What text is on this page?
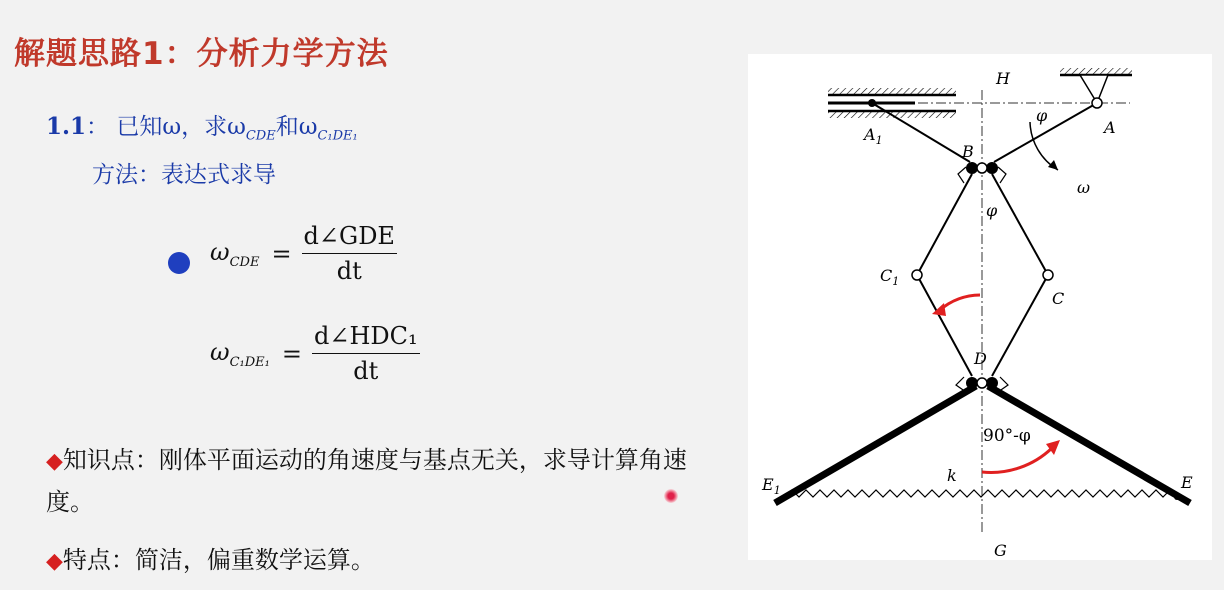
解题思路1：分析力学方法
1.1： 已知ω，求$\omega_{CDE}$和$\omega_{C_1DE_1}$
方法：表达式求导
$\omega_{CDE} = \frac{\text{d∠GDE}}{dt}$
$\omega_{C_1DE_1} = \frac{\text{d∠HDC₁}}{dt}$
◆知识点：刚体平面运动的角速度与基点无关，求导计算角速度。
◆特点：简洁，偏重数学运算。
H
A
$A_1$
B
φ
φ
ω
$C_1$
C
D
90°-φ
k
$E_1$	E
G
